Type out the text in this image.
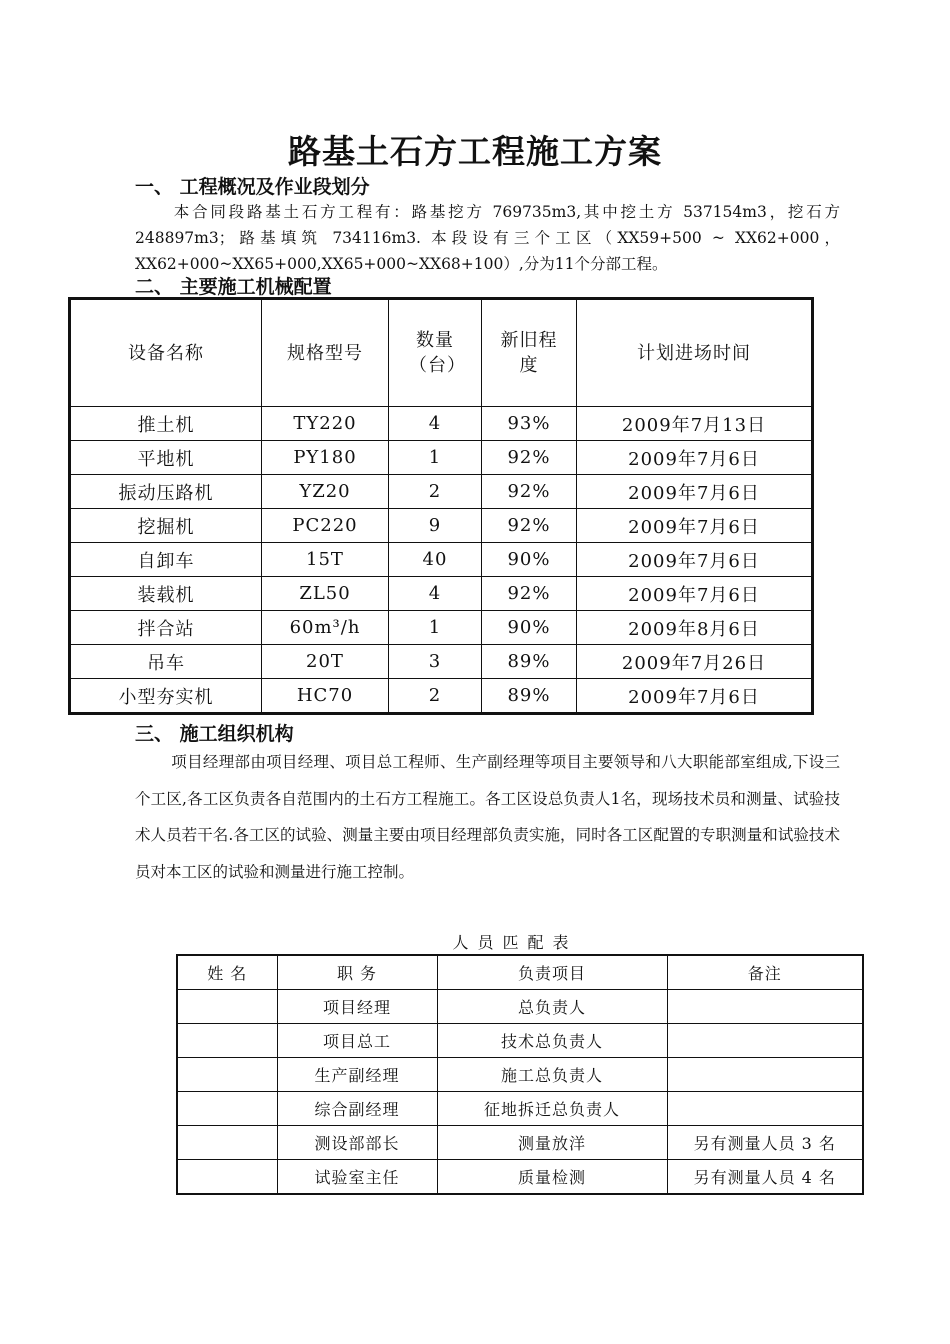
路基土石方工程施工方案
一、 工程概况及作业段划分
本合同段路基土石方工程有：路基挖方 769735m3,其中挖土方 537154m3，挖石方 248897m3；路基填筑 734116m3. 本段设有三个工区（XX59+500 ~ XX62+000，XX62+000~XX65+000,XX65+000~XX68+100）,分为11个分部工程。
二、 主要施工机械配置
设备名称	规格型号	数量（台）	新旧程度	计划进场时间
推土机	TY220	4	93%	2009年7月13日
平地机	PY180	1	92%	2009年7月6日
振动压路机	YZ20	2	92%	2009年7月6日
挖掘机	PC220	9	92%	2009年7月6日
自卸车	15T	40	90%	2009年7月6日
装载机	ZL50	4	92%	2009年7月6日
拌合站	60m³/h	1	90%	2009年8月6日
吊车	20T	3	89%	2009年7月26日
小型夯实机	HC70	2	89%	2009年7月6日
三、 施工组织机构
项目经理部由项目经理、项目总工程师、生产副经理等项目主要领导和八大职能部室组成,下设三个工区,各工区负责各自范围内的土石方工程施工。各工区设总负责人1名，现场技术员和测量、试验技术人员若干名.各工区的试验、测量主要由项目经理部负责实施，同时各工区配置的专职测量和试验技术员对本工区的试验和测量进行施工控制。
人员匹配表
姓 名	职 务	负责项目	备注
	项目经理	总负责人	
	项目总工	技术总负责人	
	生产副经理	施工总负责人	
	综合副经理	征地拆迁总负责人	
	测设部部长	测量放洋	另有测量人员 3 名
	试验室主任	质量检测	另有测量人员 4 名
